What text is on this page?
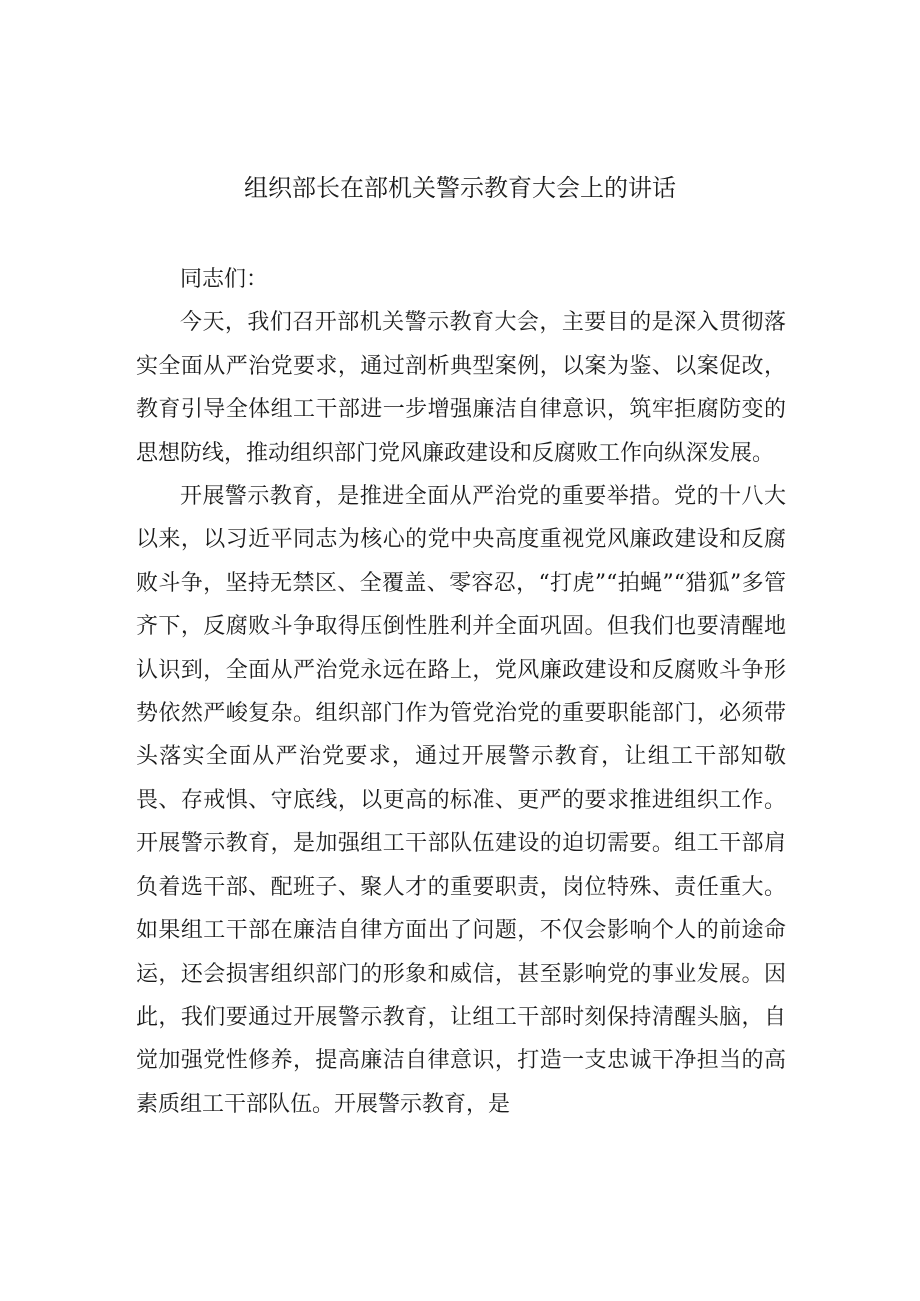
组织部长在部机关警示教育大会上的讲话

同志们：

今天，我们召开部机关警示教育大会，主要目的是深入贯彻落实全面从严治党要求，通过剖析典型案例，以案为鉴、以案促改，教育引导全体组工干部进一步增强廉洁自律意识，筑牢拒腐防变的思想防线，推动组织部门党风廉政建设和反腐败工作向纵深发展。

开展警示教育，是推进全面从严治党的重要举措。党的十八大以来，以习近平同志为核心的党中央高度重视党风廉政建设和反腐败斗争，坚持无禁区、全覆盖、零容忍，“打虎”“拍蝇”“猎狐”多管齐下，反腐败斗争取得压倒性胜利并全面巩固。但我们也要清醒地认识到，全面从严治党永远在路上，党风廉政建设和反腐败斗争形势依然严峻复杂。组织部门作为管党治党的重要职能部门，必须带头落实全面从严治党要求，通过开展警示教育，让组工干部知敬畏、存戒惧、守底线，以更高的标准、更严的要求推进组织工作。开展警示教育，是加强组工干部队伍建设的迫切需要。组工干部肩负着选干部、配班子、聚人才的重要职责，岗位特殊、责任重大。如果组工干部在廉洁自律方面出了问题，不仅会影响个人的前途命运，还会损害组织部门的形象和威信，甚至影响党的事业发展。因此，我们要通过开展警示教育，让组工干部时刻保持清醒头脑，自觉加强党性修养，提高廉洁自律意识，打造一支忠诚干净担当的高素质组工干部队伍。开展警示教育，是
